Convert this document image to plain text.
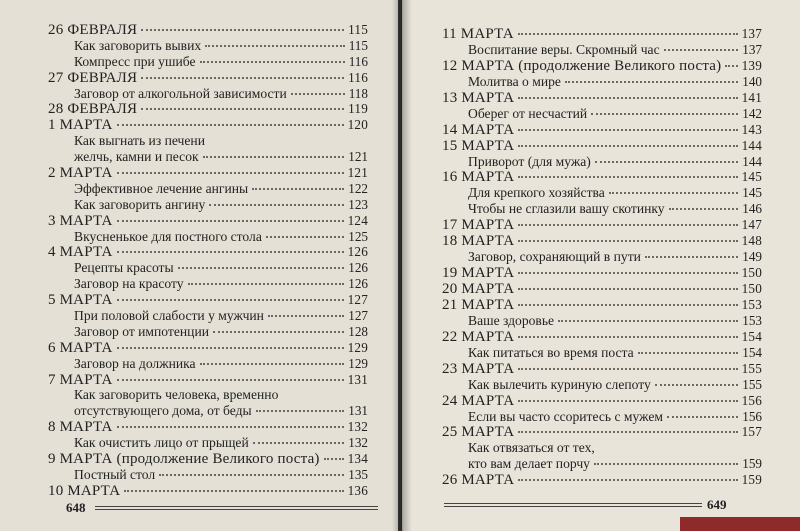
26 ФЕВРАЛЯ	115
Как заговорить вывих	115
Компресс при ушибе	116
27 ФЕВРАЛЯ	116
Заговор от алкогольной зависимости	118
28 ФЕВРАЛЯ	119
1 МАРТА	120
Как выгнать из печени
желчь, камни и песок	121
2 МАРТА	121
Эффективное лечение ангины	122
Как заговорить ангину	123
3 МАРТА	124
Вкусненькое для постного стола	125
4 МАРТА	126
Рецепты красоты	126
Заговор на красоту	126
5 МАРТА	127
При половой слабости у мужчин	127
Заговор от импотенции	128
6 МАРТА	129
Заговор на должника	129
7 МАРТА	131
Как заговорить человека, временно
отсутствующего дома, от беды	131
8 МАРТА	132
Как очистить лицо от прыщей	132
9 МАРТА (продолжение Великого поста) 134
Постный стол	135
10 МАРТА	136
648
11 МАРТА	137
Воспитание веры. Скромный час	137
12 МАРТА (продолжение Великого поста) 139
Молитва о мире	140
13 МАРТА	141
Оберег от несчастий	142
14 МАРТА	143
15 МАРТА	144
Приворот (для мужа)	144
16 МАРТА	145
Для крепкого хозяйства	145
Чтобы не сглазили вашу скотинку	146
17 МАРТА	147
18 МАРТА	148
Заговор, сохраняющий в пути	149
19 МАРТА	150
20 МАРТА	150
21 МАРТА	153
Ваше здоровье	153
22 МАРТА	154
Как питаться во время поста	154
23 МАРТА	155
Как вылечить куриную слепоту	155
24 МАРТА	156
Если вы часто ссоритесь с мужем	156
25 МАРТА	157
Как отвязаться от тех,
кто вам делает порчу	159
26 МАРТА	159
649
